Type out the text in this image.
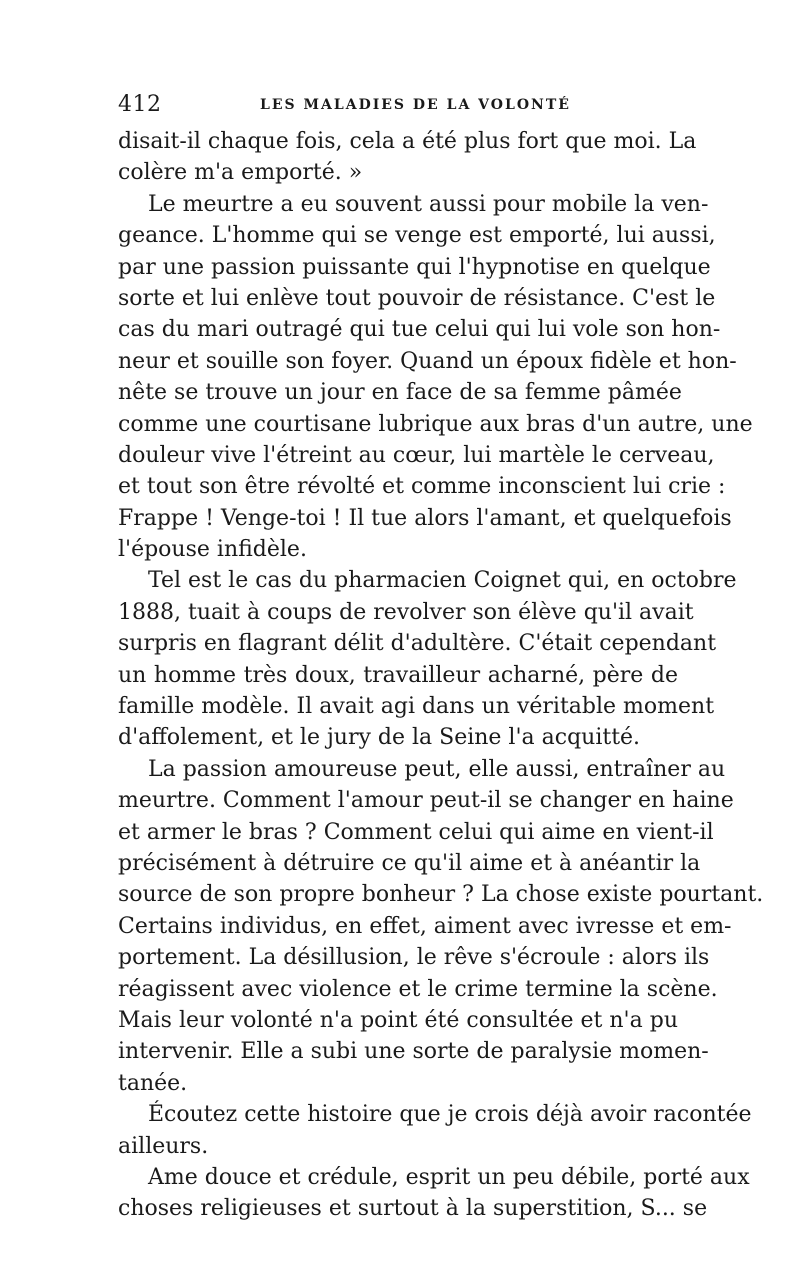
412	LES MALADIES DE LA VOLONTÉ
disait-il chaque fois, cela a été plus fort que moi. La
colère m'a emporté. »
Le meurtre a eu souvent aussi pour mobile la ven-
geance. L'homme qui se venge est emporté, lui aussi,
par une passion puissante qui l'hypnotise en quelque
sorte et lui enlève tout pouvoir de résistance. C'est le
cas du mari outragé qui tue celui qui lui vole son hon-
neur et souille son foyer. Quand un époux fidèle et hon-
nête se trouve un jour en face de sa femme pâmée
comme une courtisane lubrique aux bras d'un autre, une
douleur vive l'étreint au cœur, lui martèle le cerveau,
et tout son être révolté et comme inconscient lui crie :
Frappe ! Venge-toi ! Il tue alors l'amant, et quelquefois
l'épouse infidèle.
Tel est le cas du pharmacien Coignet qui, en octobre
1888, tuait à coups de revolver son élève qu'il avait
surpris en flagrant délit d'adultère. C'était cependant
un homme très doux, travailleur acharné, père de
famille modèle. Il avait agi dans un véritable moment
d'affolement, et le jury de la Seine l'a acquitté.
La passion amoureuse peut, elle aussi, entraîner au
meurtre. Comment l'amour peut-il se changer en haine
et armer le bras ? Comment celui qui aime en vient-il
précisément à détruire ce qu'il aime et à anéantir la
source de son propre bonheur ? La chose existe pourtant.
Certains individus, en effet, aiment avec ivresse et em-
portement. La désillusion, le rêve s'écroule : alors ils
réagissent avec violence et le crime termine la scène.
Mais leur volonté n'a point été consultée et n'a pu
intervenir. Elle a subi une sorte de paralysie momen-
tanée.
Écoutez cette histoire que je crois déjà avoir racontée
ailleurs.
Ame douce et crédule, esprit un peu débile, porté aux
choses religieuses et surtout à la superstition, S... se
